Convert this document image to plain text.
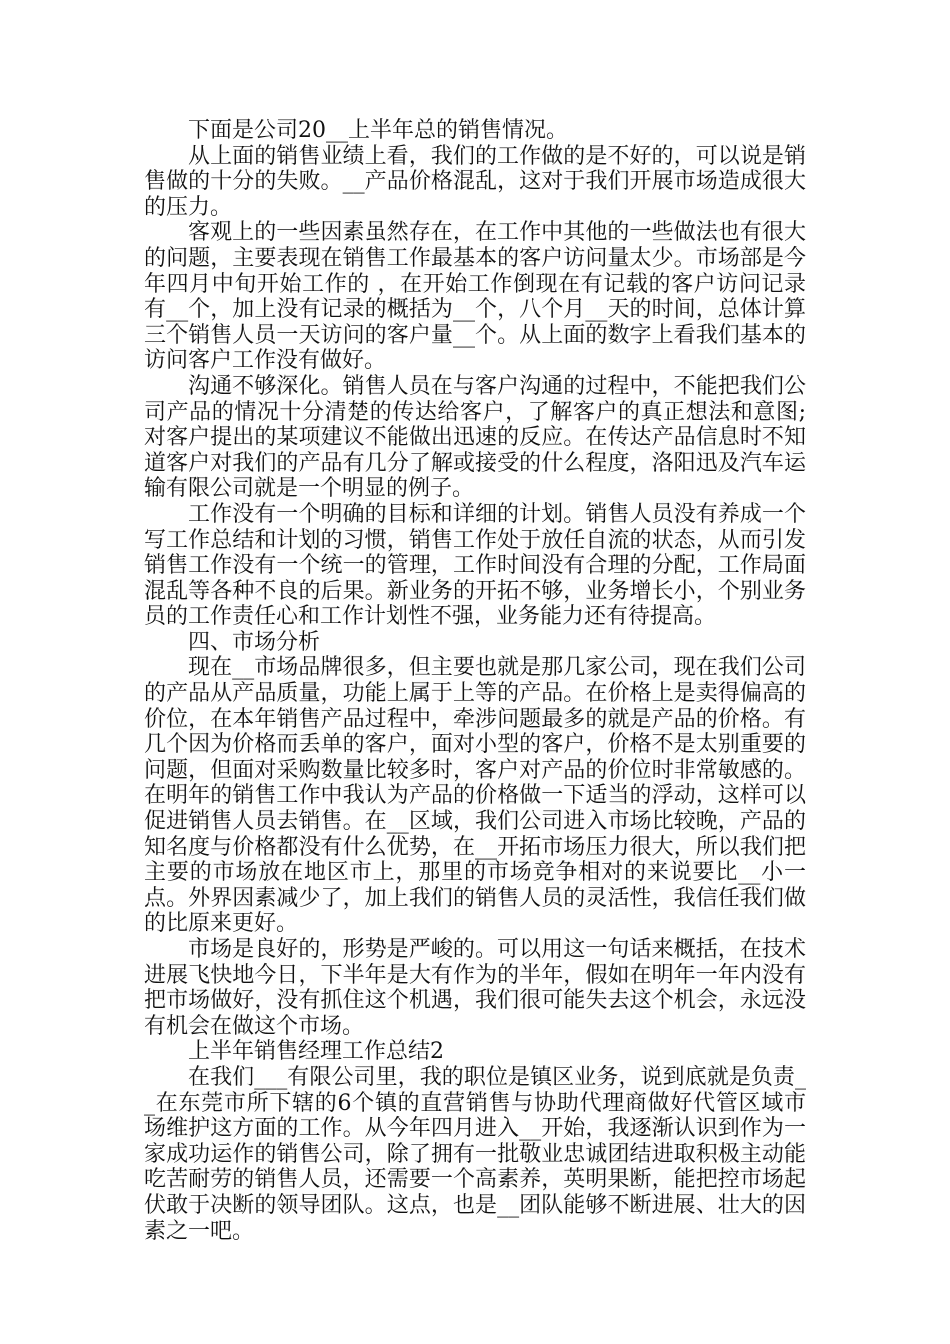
下面是公司20__上半年总的销售情况。

从上面的销售业绩上看，我们的工作做的是不好的，可以说是销售做的十分的失败。__产品价格混乱，这对于我们开展市场造成很大的压力。

客观上的一些因素虽然存在，在工作中其他的一些做法也有很大的问题，主要表现在销售工作最基本的客户访问量太少。市场部是今年四月中旬开始工作的 ，在开始工作倒现在有记载的客户访问记录有__个，加上没有记录的概括为__个，八个月__天的时间，总体计算三个销售人员一天访问的客户量__个。从上面的数字上看我们基本的访问客户工作没有做好。

沟通不够深化。销售人员在与客户沟通的过程中，不能把我们公司产品的情况十分清楚的传达给客户，了解客户的真正想法和意图;对客户提出的某项建议不能做出迅速的反应。在传达产品信息时不知道客户对我们的产品有几分了解或接受的什么程度，洛阳迅及汽车运输有限公司就是一个明显的例子。

工作没有一个明确的目标和详细的计划。销售人员没有养成一个写工作总结和计划的习惯，销售工作处于放任自流的状态，从而引发销售工作没有一个统一的管理，工作时间没有合理的分配，工作局面混乱等各种不良的后果。新业务的开拓不够，业务增长小，个别业务员的工作责任心和工作计划性不强，业务能力还有待提高。

四、市场分析

现在__市场品牌很多，但主要也就是那几家公司，现在我们公司的产品从产品质量，功能上属于上等的产品。在价格上是卖得偏高的价位，在本年销售产品过程中，牵涉问题最多的就是产品的价格。有几个因为价格而丢单的客户，面对小型的客户，价格不是太别重要的问题，但面对采购数量比较多时，客户对产品的价位时非常敏感的。在明年的销售工作中我认为产品的价格做一下适当的浮动，这样可以促进销售人员去销售。在__区域，我们公司进入市场比较晚，产品的知名度与价格都没有什么优势，在__开拓市场压力很大，所以我们把主要的市场放在地区市上，那里的市场竞争相对的来说要比__小一点。外界因素减少了，加上我们的销售人员的灵活性，我信任我们做的比原来更好。

市场是良好的，形势是严峻的。可以用这一句话来概括，在技术进展飞快地今日，下半年是大有作为的半年，假如在明年一年内没有把市场做好，没有抓住这个机遇，我们很可能失去这个机会，永远没有机会在做这个市场。

上半年销售经理工作总结2

在我们___有限公司里，我的职位是镇区业务，说到底就是负责__在东莞市所下辖的6个镇的直营销售与协助代理商做好代管区域市场维护这方面的工作。从今年四月进入__开始，我逐渐认识到作为一家成功运作的销售公司，除了拥有一批敬业忠诚团结进取积极主动能吃苦耐劳的销售人员，还需要一个高素养，英明果断，能把控市场起伏敢于决断的领导团队。这点，也是__团队能够不断进展、壮大的因素之一吧。
